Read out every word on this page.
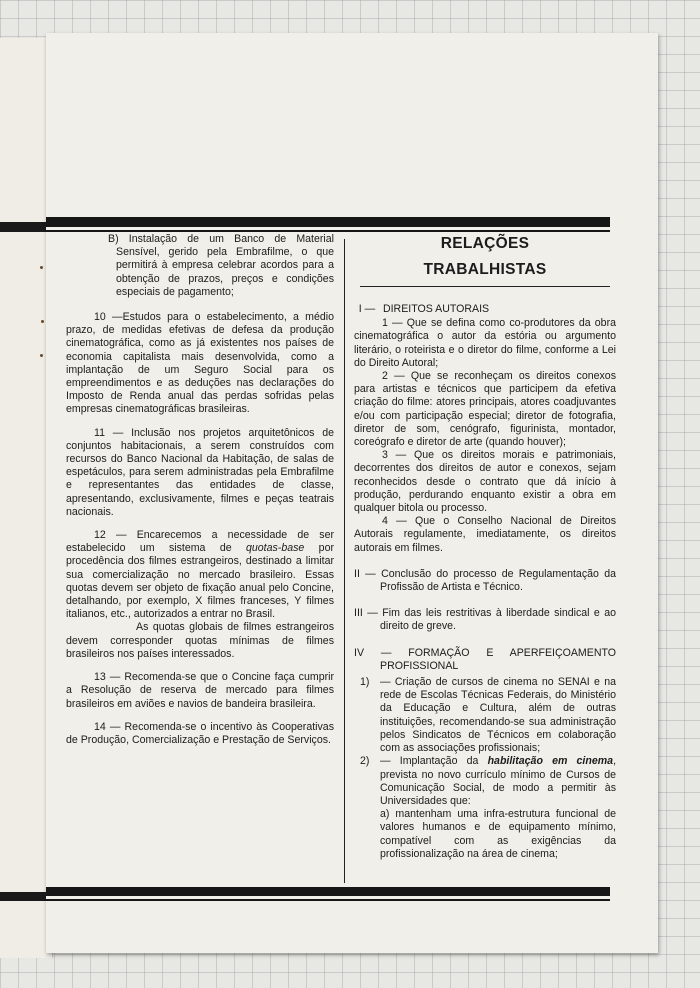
B) Instalação de um Banco de Material Sensível, gerido pela Embrafilme, o que permitirá à empresa celebrar acordos para a obtenção de prazos, preços e condições especiais de pagamento;

10 —Estudos para o estabelecimento, a médio prazo, de medidas efetivas de defesa da produção cinematográfica, como as já existentes nos países de economia capitalista mais desenvolvida, como a implantação de um Seguro Social para os empreendimentos e as deduções nas declarações do Imposto de Renda anual das perdas sofridas pelas empresas cinematográficas brasileiras.

11 — Inclusão nos projetos arquitetônicos de conjuntos habitacionais, a serem construídos com recursos do Banco Nacional da Habitação, de salas de espetáculos, para serem administradas pela Embrafilme e representantes das entidades de classe, apresentando, exclusivamente, filmes e peças teatrais nacionais.

12 — Encarecemos a necessidade de ser estabelecido um sistema de quotas-base por procedência dos filmes estrangeiros, destinado a limitar sua comercialização no mercado brasileiro. Essas quotas devem ser objeto de fixação anual pelo Concine, detalhando, por exemplo, X filmes franceses, Y filmes italianos, etc., autorizados a entrar no Brasil.

As quotas globais de filmes estrangeiros devem corresponder quotas mínimas de filmes brasileiros nos países interessados.

13 — Recomenda-se que o Concine faça cumprir a Resolução de reserva de mercado para filmes brasileiros em aviões e navios de bandeira brasileira.

14 — Recomenda-se o incentivo às Cooperativas de Produção, Comercialização e Prestação de Serviços.

RELAÇÕES
TRABALHISTAS

I — DIREITOS AUTORAIS

1 — Que se defina como co-produtores da obra cinematográfica o autor da estória ou argumento literário, o roteirista e o diretor do filme, conforme a Lei do Direito Autoral;

2 — Que se reconheçam os direitos conexos para artistas e técnicos que participem da efetiva criação do filme: atores principais, atores coadjuvantes e/ou com participação especial; diretor de fotografia, diretor de som, cenógrafo, figurinista, montador, coreógrafo e diretor de arte (quando houver);

3 — Que os direitos morais e patrimoniais, decorrentes dos direitos de autor e conexos, sejam reconhecidos desde o contrato que dá início à produção, perdurando enquanto existir a obra em qualquer bitola ou processo.

4 — Que o Conselho Nacional de Direitos Autorais regulamente, imediatamente, os direitos autorais em filmes.

II — Conclusão do processo de Regulamentação da Profissão de Artista e Técnico.

III — Fim das leis restritivas à liberdade sindical e ao direito de greve.

IV — FORMAÇÃO E APERFEIÇOAMENTO PROFISSIONAL

1) — Criação de cursos de cinema no SENAI e na rede de Escolas Técnicas Federais, do Ministério da Educação e Cultura, além de outras instituições, recomendando-se sua administração pelos Sindicatos de Técnicos em colaboração com as associações profissionais;

2) — Implantação da habilitação em cinema, prevista no novo currículo mínimo de Cursos de Comunicação Social, de modo a permitir às Universidades que:

a) mantenham uma infra-estrutura funcional de valores humanos e de equipamento mínimo, compatível com as exigências da profissionalização na área de cinema;
